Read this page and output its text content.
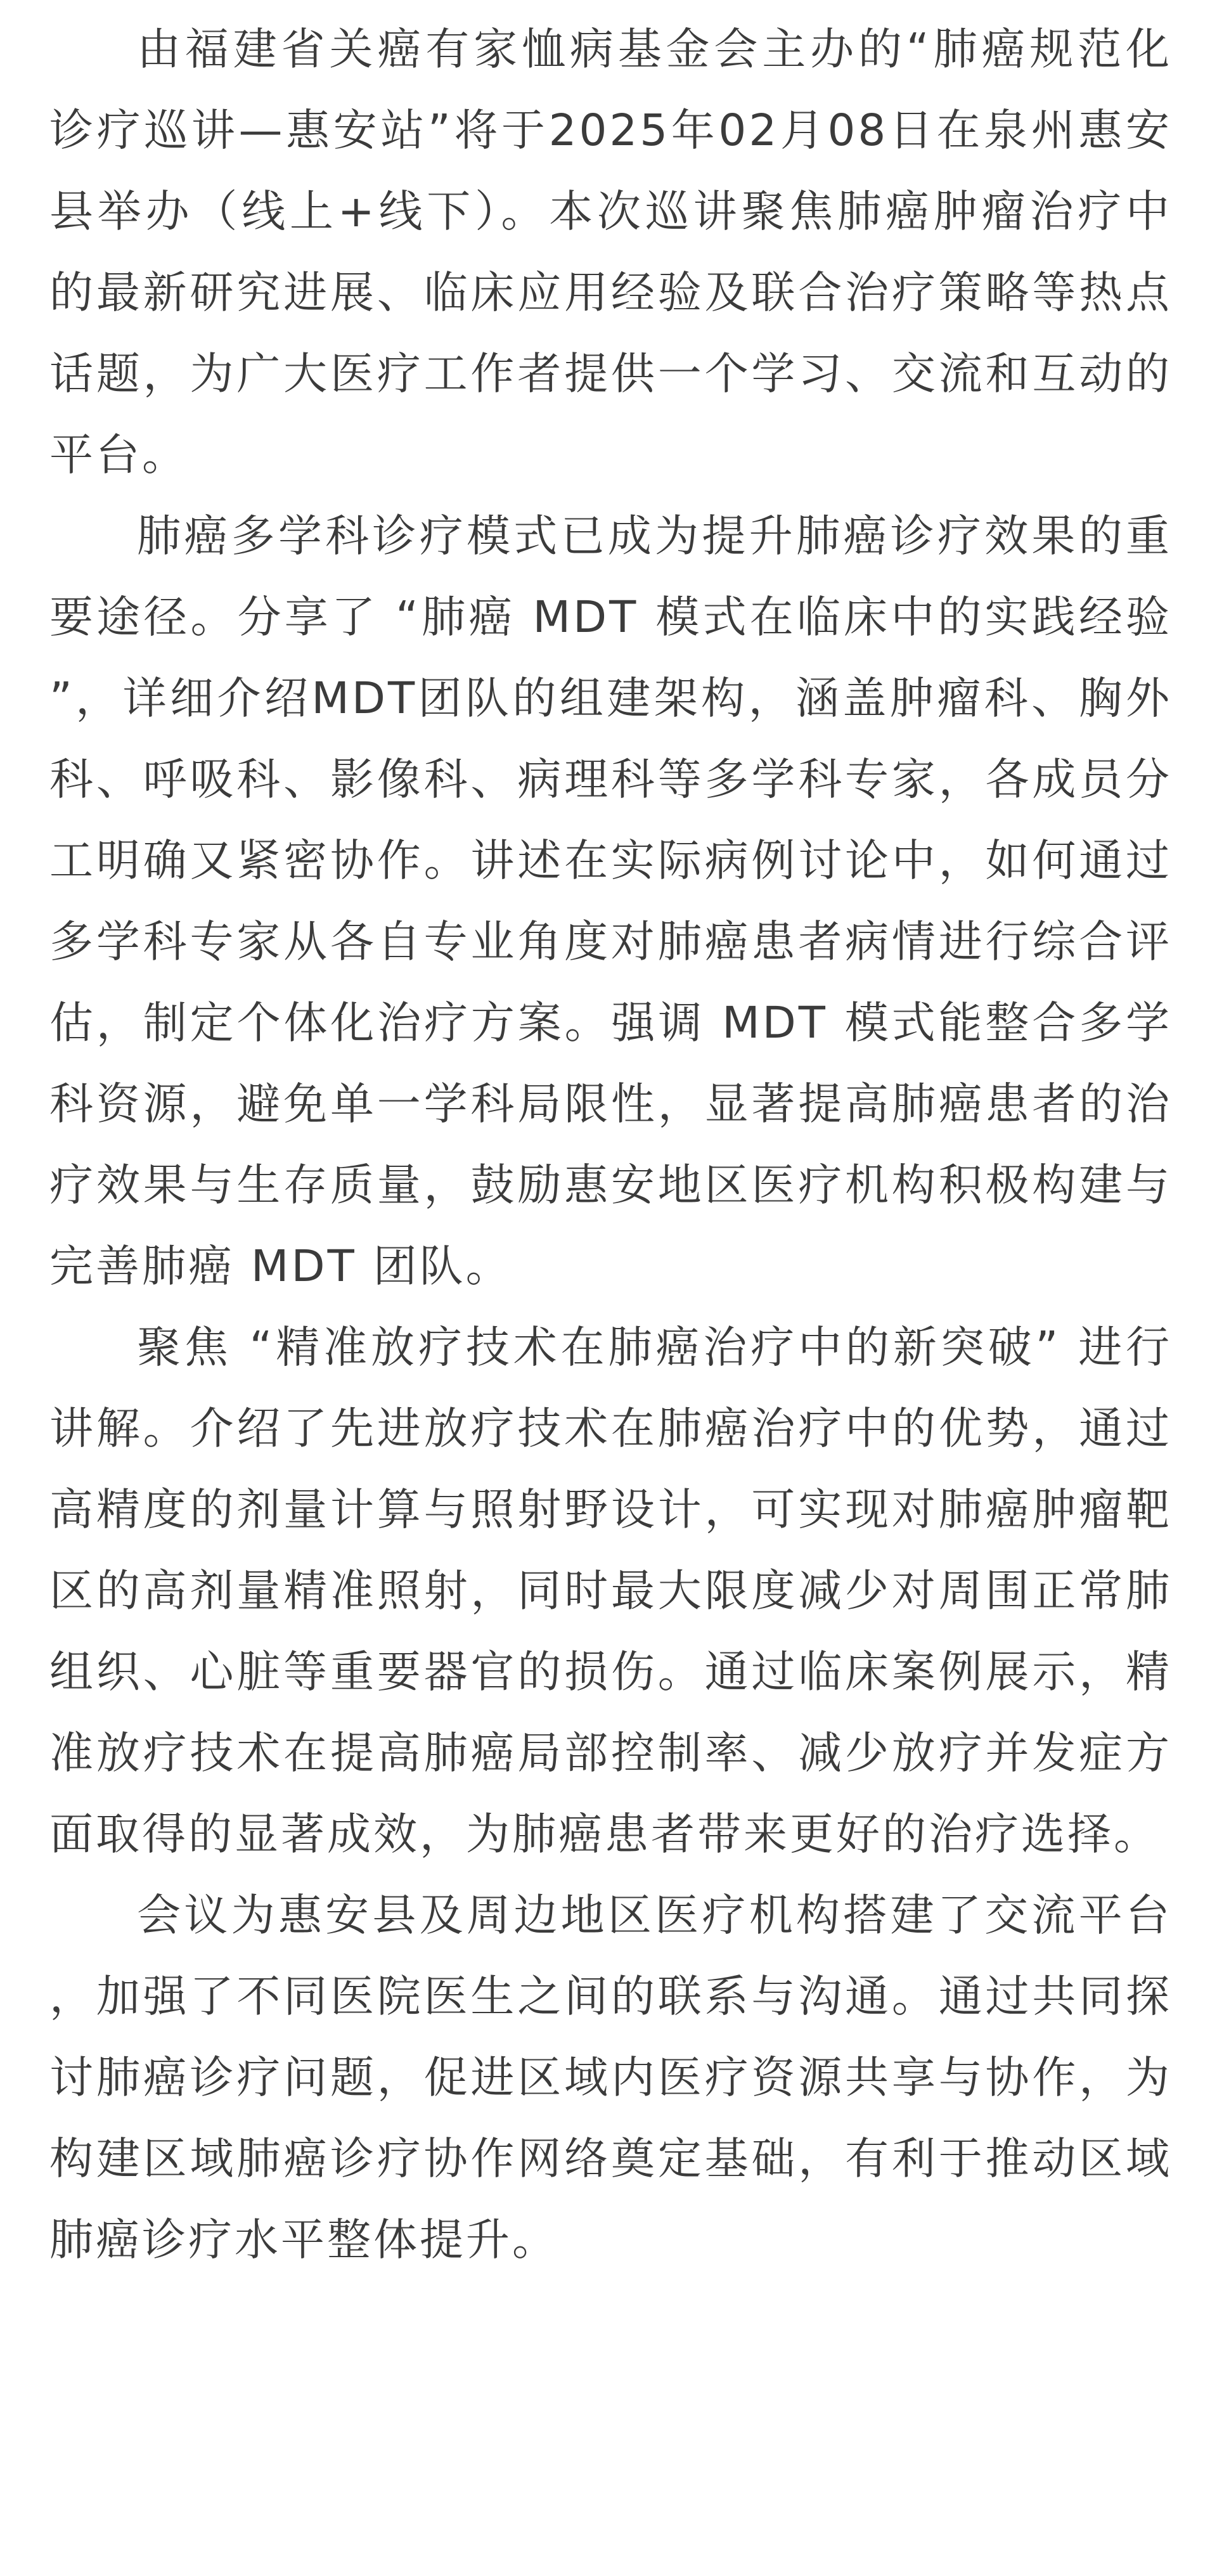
由福建省关癌有家恤病基金会主办的“肺癌规范化诊疗巡讲—惠安站”将于2025年02月08日在泉州惠安县举办（线上+线下）。本次巡讲聚焦肺癌肿瘤治疗中的最新研究进展、临床应用经验及联合治疗策略等热点话题，为广大医疗工作者提供一个学习、交流和互动的平台。

肺癌多学科诊疗模式已成为提升肺癌诊疗效果的重要途径。分享了 “肺癌 MDT 模式在临床中的实践经验”，详细介绍MDT团队的组建架构，涵盖肿瘤科、胸外科、呼吸科、影像科、病理科等多学科专家，各成员分工明确又紧密协作。讲述在实际病例讨论中，如何通过多学科专家从各自专业角度对肺癌患者病情进行综合评估，制定个体化治疗方案。强调 MDT 模式能整合多学科资源，避免单一学科局限性，显著提高肺癌患者的治疗效果与生存质量，鼓励惠安地区医疗机构积极构建与完善肺癌 MDT 团队。

聚焦 “精准放疗技术在肺癌治疗中的新突破” 进行讲解。介绍了先进放疗技术在肺癌治疗中的优势，通过高精度的剂量计算与照射野设计，可实现对肺癌肿瘤靶区的高剂量精准照射，同时最大限度减少对周围正常肺组织、心脏等重要器官的损伤。通过临床案例展示，精准放疗技术在提高肺癌局部控制率、减少放疗并发症方面取得的显著成效，为肺癌患者带来更好的治疗选择。

会议为惠安县及周边地区医疗机构搭建了交流平台，加强了不同医院医生之间的联系与沟通。通过共同探讨肺癌诊疗问题，促进区域内医疗资源共享与协作，为构建区域肺癌诊疗协作网络奠定基础，有利于推动区域肺癌诊疗水平整体提升。
